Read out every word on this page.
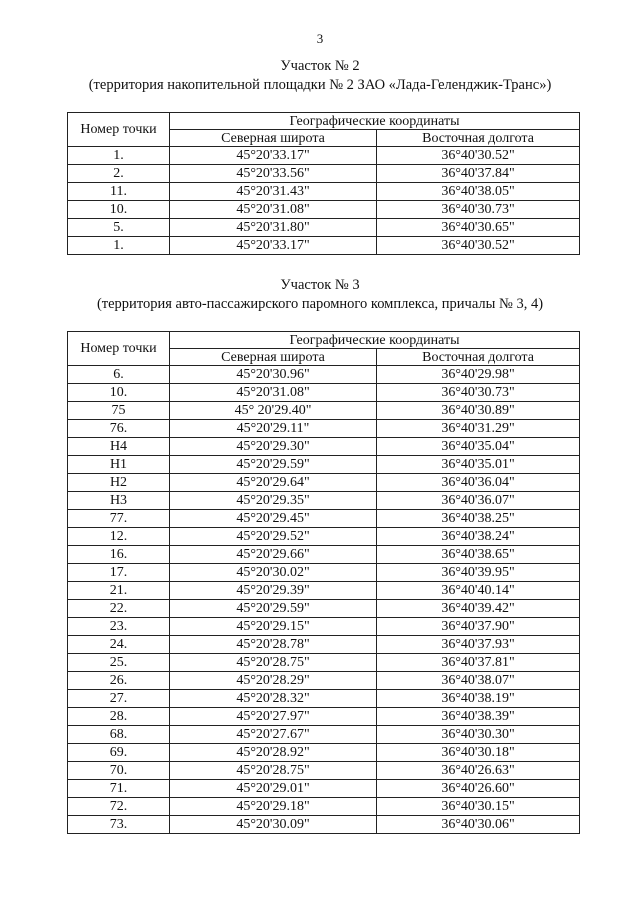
3
Участок № 2
(территория накопительной площадки № 2 ЗАО «Лада-Геленджик-Транс»)
Номер точки	Географические координаты	
	Северная широта	Восточная долгота
1.	45°20'33.17"	36°40'30.52"
2.	45°20'33.56"	36°40'37.84"
11.	45°20'31.43"	36°40'38.05"
10.	45°20'31.08"	36°40'30.73"
5.	45°20'31.80"	36°40'30.65"
1.	45°20'33.17"	36°40'30.52"
Участок № 3
(территория авто-пассажирского паромного комплекса, причалы № 3, 4)
Номер точки	Географические координаты	
	Северная широта	Восточная долгота
6.	45°20'30.96"	36°40'29.98"
10.	45°20'31.08"	36°40'30.73"
75	45° 20'29.40"	36°40'30.89"
76.	45°20'29.11"	36°40'31.29"
H4	45°20'29.30"	36°40'35.04"
H1	45°20'29.59"	36°40'35.01"
H2	45°20'29.64"	36°40'36.04"
H3	45°20'29.35"	36°40'36.07"
77.	45°20'29.45"	36°40'38.25"
12.	45°20'29.52"	36°40'38.24"
16.	45°20'29.66"	36°40'38.65"
17.	45°20'30.02"	36°40'39.95"
21.	45°20'29.39"	36°40'40.14"
22.	45°20'29.59"	36°40'39.42"
23.	45°20'29.15"	36°40'37.90"
24.	45°20'28.78"	36°40'37.93"
25.	45°20'28.75"	36°40'37.81"
26.	45°20'28.29"	36°40'38.07"
27.	45°20'28.32"	36°40'38.19"
28.	45°20'27.97"	36°40'38.39"
68.	45°20'27.67"	36°40'30.30"
69.	45°20'28.92"	36°40'30.18"
70.	45°20'28.75"	36°40'26.63"
71.	45°20'29.01"	36°40'26.60"
72.	45°20'29.18"	36°40'30.15"
73.	45°20'30.09"	36°40'30.06"
